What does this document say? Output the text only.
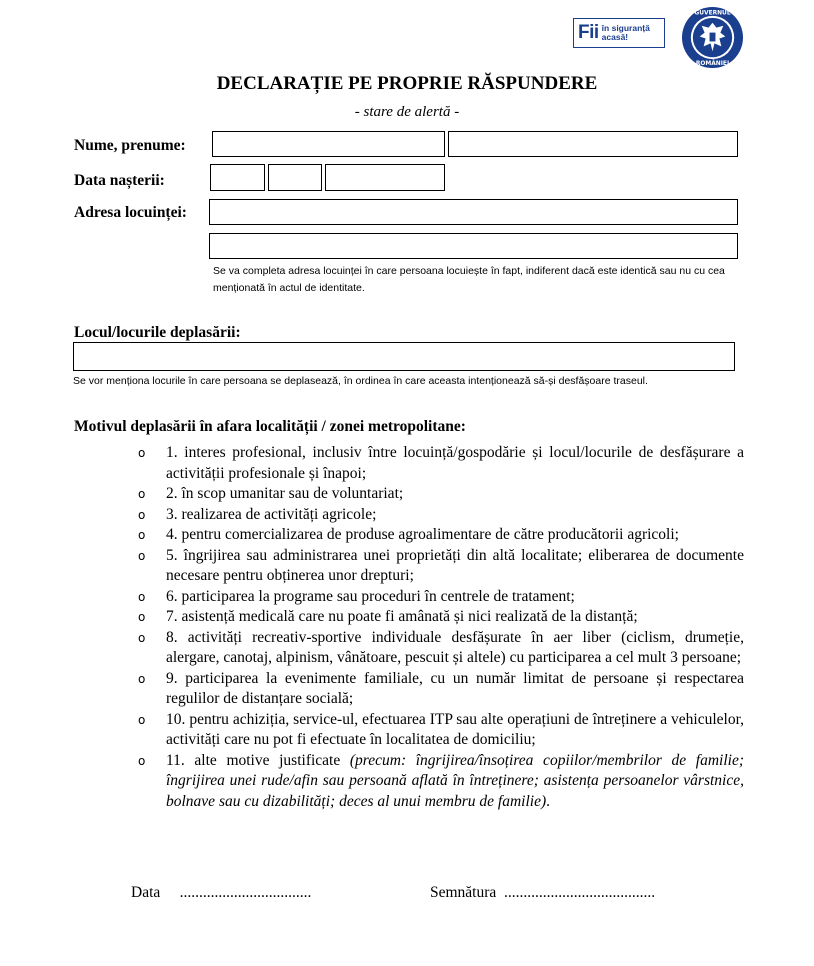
Fii în siguranță
acasă!
GUVERNUL
ROMÂNIEI
DECLARAȚIE PE PROPRIE RĂSPUNDERE
- stare de alertă -
Nume, prenume:
Data nașterii:
Adresa locuinței:
Se va completa adresa locuinței în care persoana locuiește în fapt, indiferent dacă este identică sau nu cu cea menționată în actul de identitate.
Locul/locurile deplasării:
Se vor menționa locurile în care persoana se deplasează, în ordinea în care aceasta intenționează să-și desfășoare traseul.
Motivul deplasării în afara localității / zonei metropolitane:
o	1. interes profesional, inclusiv între locuință/gospodărie și locul/locurile de desfășurare a activității profesionale și înapoi;
o	2. în scop umanitar sau de voluntariat;
o	3. realizarea de activități agricole;
o	4. pentru comercializarea de produse agroalimentare de către producătorii agricoli;
o	5. îngrijirea sau administrarea unei proprietăți din altă localitate; eliberarea de documente necesare pentru obținerea unor drepturi;
o	6. participarea la programe sau proceduri în centrele de tratament;
o	7. asistență medicală care nu poate fi amânată și nici realizată de la distanță;
o	8. activități recreativ-sportive individuale desfășurate în aer liber (ciclism, drumeție, alergare, canotaj, alpinism, vânătoare, pescuit și altele) cu participarea a cel mult 3 persoane;
o	9. participarea la evenimente familiale, cu un număr limitat de persoane și respectarea regulilor de distanțare socială;
o	10. pentru achiziția, service-ul, efectuarea ITP sau alte operațiuni de întreținere a vehiculelor, activități care nu pot fi efectuate în localitatea de domiciliu;
o	11. alte motive justificate (precum: îngrijirea/însoțirea copiilor/membrilor de familie; îngrijirea unei rude/afin sau persoană aflată în întreținere; asistența persoanelor vârstnice, bolnave sau cu dizabilități; deces al unui membru de familie).
Data ..................................	Semnătura .......................................
